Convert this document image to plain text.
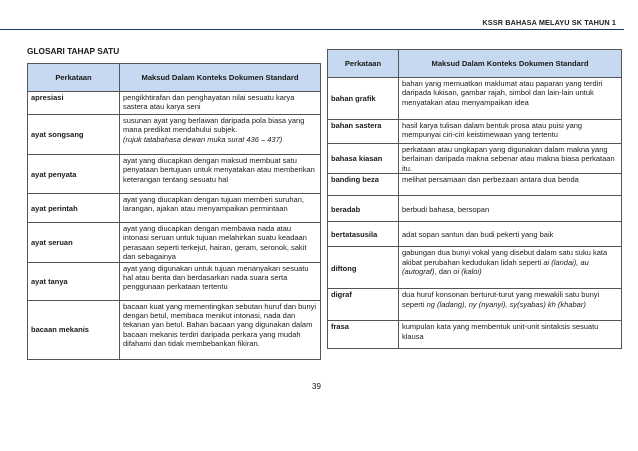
KSSR BAHASA MELAYU SK TAHUN 1
GLOSARI TAHAP SATU
Perkataan	Maksud Dalam Konteks Dokumen Standard
apresiasi	pengikhtirafan dan penghayatan nilai sesuatu karya sastera atau karya seni
ayat songsang	susunan ayat yang berlawan daripada pola biasa yang mana predikat mendahului subjek.
(rujuk tatabahasa dewan muka surat 436 – 437)
ayat penyata	ayat yang diucapkan dengan maksud membuat satu penyataan bertujuan untuk menyatakan atau memberikan keterangan tentang sesuatu hal
ayat perintah	ayat yang diucapkan dengan tujuan memberi suruhan, larangan, ajakan atau menyampaikan permintaan
ayat seruan	ayat yang diucapkan dengan membawa nada atau intonasi seruan untuk tujuan melahirkan suatu keadaan perasaan seperti terkejut, hairan, geram, seronok, sakit dan sebagainya
ayat tanya	ayat yang digunakan untuk tujuan menanyakan sesuatu hal atau berita dan berdasarkan nada suara serta penggunaan perkataan tertentu
bacaan mekanis	bacaan kuat yang mementingkan sebutan huruf dan bunyi dengan betul, membaca menikut intonasi, nada dan tekanan yan betul. Bahan bacaan yang digunakan dalam bacaan mekanis terdiri daripada perkara yang mudah difahami dan tidak membebankan fikiran.
Perkataan	Maksud Dalam Konteks Dokumen Standard
bahan grafik	bahan yang memuatkan maklumat atau paparan yang terdiri daripada lukisan, gambar rajah, simbol dan lain-lain untuk menyatakan atau menyampaikan idea
bahan sastera	hasil karya tulisan dalam bentuk prosa atau puisi yang mempunyai ciri-ciri keistimewaan yang tertentu
bahasa kiasan	perkataan atau ungkapan yang digunakan dalam makna yang berlainan daripada makna sebenar atau makna biasa perkataan itu.
banding beza	melihat persamaan dan perbezaan antara dua benda
beradab	berbudi bahasa, bersopan
bertatasusila	adat sopan santun dan budi pekerti yang baik
diftong	gabungan dua bunyi vokal yang disebut dalam satu suku kata akibat perubahan kedudukan lidah seperti ai (landai), au (autograf), dan oi (kaloi)
digraf	dua huruf konsonan berturut-turut yang mewakili satu bunyi seperti ng (ladang), ny (nyanyi), sy(syabas) kh (khabar)
frasa	kumpulan kata yang membentuk unit-unit sintaksis sesuatu klausa
39
